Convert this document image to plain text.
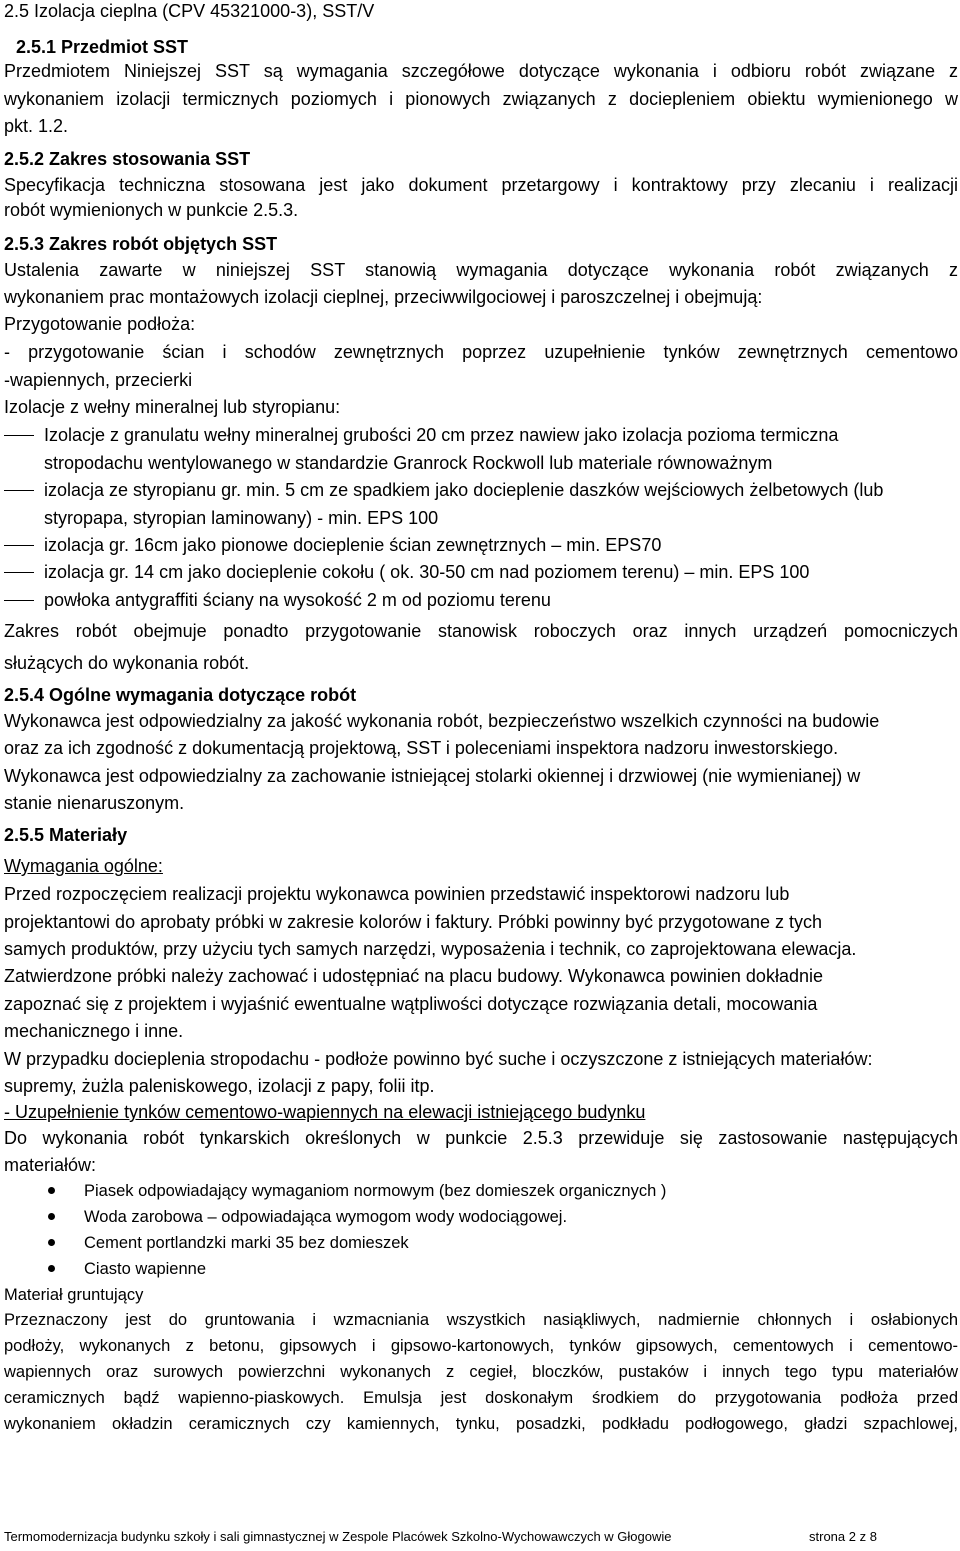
2.5 Izolacja cieplna (CPV 45321000-3), SST/V
2.5.1 Przedmiot SST
Przedmiotem Niniejszej SST są wymagania szczegółowe dotyczące wykonania i odbioru robót związane z
wykonaniem izolacji termicznych poziomych i pionowych związanych z dociepleniem obiektu wymienionego w
pkt. 1.2.
2.5.2 Zakres stosowania SST
Specyfikacja techniczna stosowana jest jako dokument przetargowy i kontraktowy przy zlecaniu i realizacji
robót wymienionych w punkcie 2.5.3.
2.5.3 Zakres robót objętych SST
Ustalenia zawarte w niniejszej SST stanowią wymagania dotyczące wykonania robót związanych z
wykonaniem prac montażowych izolacji cieplnej, przeciwwilgociowej i paroszczelnej i obejmują:
Przygotowanie podłoża:
- przygotowanie ścian i schodów zewnętrznych poprzez uzupełnienie tynków zewnętrznych cementowo
-wapiennych, przecierki
Izolacje z wełny mineralnej lub styropianu:
Izolacje z granulatu wełny mineralnej grubości 20 cm przez nawiew jako izolacja pozioma termiczna
stropodachu wentylowanego w standardzie Granrock Rockwoll lub materiale równoważnym
izolacja ze styropianu gr. min. 5 cm ze spadkiem jako docieplenie daszków wejściowych żelbetowych (lub
styropapa, styropian laminowany) - min. EPS 100
izolacja gr. 16cm jako pionowe docieplenie ścian zewnętrznych – min. EPS70
izolacja gr. 14 cm jako docieplenie cokołu ( ok. 30-50 cm nad poziomem terenu) – min. EPS 100
powłoka antygraffiti ściany na wysokość 2 m od poziomu terenu
Zakres robót obejmuje ponadto przygotowanie stanowisk roboczych oraz innych urządzeń pomocniczych
służących do wykonania robót.
2.5.4 Ogólne wymagania dotyczące robót
Wykonawca jest odpowiedzialny za jakość wykonania robót, bezpieczeństwo wszelkich czynności na budowie
oraz za ich zgodność z dokumentacją projektową, SST i poleceniami inspektora nadzoru inwestorskiego.
Wykonawca jest odpowiedzialny za zachowanie istniejącej stolarki okiennej i drzwiowej (nie wymienianej) w
stanie nienaruszonym.
2.5.5 Materiały
Wymagania ogólne:
Przed rozpoczęciem realizacji projektu wykonawca powinien przedstawić inspektorowi nadzoru lub
projektantowi do aprobaty próbki w zakresie kolorów i faktury. Próbki powinny być przygotowane z tych
samych produktów, przy użyciu tych samych narzędzi, wyposażenia i technik, co zaprojektowana elewacja.
Zatwierdzone próbki należy zachować i udostępniać na placu budowy. Wykonawca powinien dokładnie
zapoznać się z projektem i wyjaśnić ewentualne wątpliwości dotyczące rozwiązania detali, mocowania
mechanicznego i inne.
W przypadku docieplenia stropodachu - podłoże powinno być suche i oczyszczone z istniejących materiałów:
supremy, żużla paleniskowego, izolacji z papy, folii itp.
- Uzupełnienie tynków cementowo-wapiennych na elewacji istniejącego budynku
Do wykonania robót tynkarskich określonych w punkcie 2.5.3 przewiduje się zastosowanie następujących
materiałów:
Piasek odpowiadający wymaganiom normowym (bez domieszek organicznych )
Woda zarobowa – odpowiadająca wymogom wody wodociągowej.
Cement portlandzki marki 35 bez domieszek
Ciasto wapienne
Materiał gruntujący
Przeznaczony jest do gruntowania i wzmacniania wszystkich nasiąkliwych, nadmiernie chłonnych i osłabionych
podłoży, wykonanych z betonu, gipsowych i gipsowo-kartonowych, tynków gipsowych, cementowych i cementowo-
wapiennych oraz surowych powierzchni wykonanych z cegieł, bloczków, pustaków i innych tego typu materiałów
ceramicznych bądź wapienno-piaskowych. Emulsja jest doskonałym środkiem do przygotowania podłoża przed
wykonaniem okładzin ceramicznych czy kamiennych, tynku, posadzki, podkładu podłogowego, gładzi szpachlowej,
Termomodernizacja budynku szkoły i sali gimnastycznej w Zespole Placówek Szkolno-Wychowawczych w Głogowie	strona 2 z 8
